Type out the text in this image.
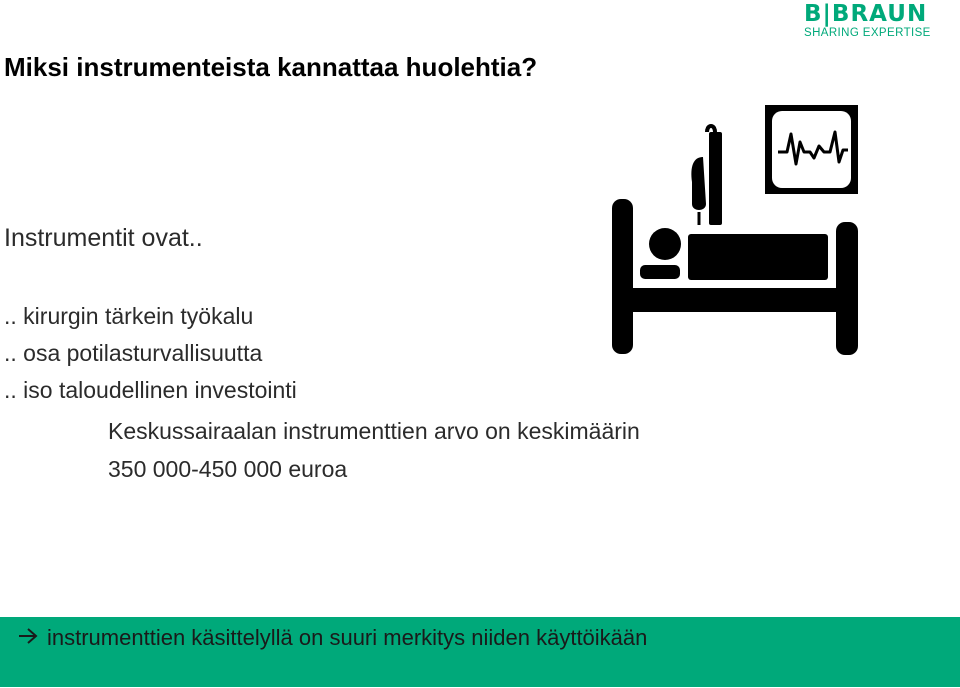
B|BRAUN
SHARING EXPERTISE
Miksi instrumenteista kannattaa huolehtia?
Instrumentit ovat..
.. kirurgin tärkein työkalu
.. osa potilasturvallisuutta
.. iso taloudellinen investointi

Keskussairaalan instrumenttien arvo on keskimäärin

350 000-450 000 euroa

instrumenttien käsittelyllä on suuri merkitys niiden käyttöikään
